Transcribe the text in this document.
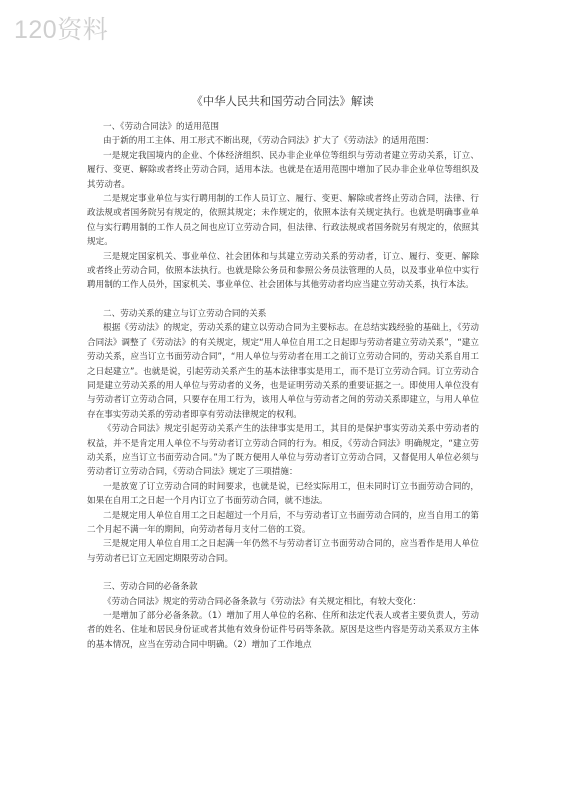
120资料
《中华人民共和国劳动合同法》解读

一、《劳动合同法》的适用范围

由于新的用工主体、用工形式不断出现，《劳动合同法》扩大了《劳动法》的适用范围：

一是规定我国境内的企业、个体经济组织、民办非企业单位等组织与劳动者建立劳动关系，订立、履行、变更、解除或者终止劳动合同，适用本法。也就是在适用范围中增加了民办非企业单位等组织及其劳动者。

二是规定事业单位与实行聘用制的工作人员订立、履行、变更、解除或者终止劳动合同，法律、行政法规或者国务院另有规定的，依照其规定；未作规定的，依照本法有关规定执行。也就是明确事业单位与实行聘用制的工作人员之间也应订立劳动合同，但法律、行政法规或者国务院另有规定的，依照其规定。

三是规定国家机关、事业单位、社会团体和与其建立劳动关系的劳动者，订立、履行、变更、解除或者终止劳动合同，依照本法执行。也就是除公务员和参照公务员法管理的人员，以及事业单位中实行聘用制的工作人员外，国家机关、事业单位、社会团体与其他劳动者均应当建立劳动关系，执行本法。

二、劳动关系的建立与订立劳动合同的关系

根据《劳动法》的规定，劳动关系的建立以劳动合同为主要标志。在总结实践经验的基础上，《劳动合同法》调整了《劳动法》的有关规定，规定“用人单位自用工之日起即与劳动者建立劳动关系”，“建立劳动关系，应当订立书面劳动合同”，“用人单位与劳动者在用工之前订立劳动合同的，劳动关系自用工之日起建立”。也就是说，引起劳动关系产生的基本法律事实是用工，而不是订立劳动合同。订立劳动合同是建立劳动关系的用人单位与劳动者的义务，也是证明劳动关系的重要证据之一。即使用人单位没有与劳动者订立劳动合同，只要存在用工行为，该用人单位与劳动者之间的劳动关系即建立，与用人单位存在事实劳动关系的劳动者即享有劳动法律规定的权利。

《劳动合同法》规定引起劳动关系产生的法律事实是用工，其目的是保护事实劳动关系中劳动者的权益，并不是肯定用人单位不与劳动者订立劳动合同的行为。相反，《劳动合同法》明确规定，“建立劳动关系，应当订立书面劳动合同。”为了既方便用人单位与劳动者订立劳动合同，又督促用人单位必须与劳动者订立劳动合同，《劳动合同法》规定了三项措施：

一是放宽了订立劳动合同的时间要求，也就是说，已经实际用工，但未同时订立书面劳动合同的，如果在自用工之日起一个月内订立了书面劳动合同，就不违法。

二是规定用人单位自用工之日起超过一个月后，不与劳动者订立书面劳动合同的，应当自用工的第二个月起不满一年的期间，向劳动者每月支付二倍的工资。

三是规定用人单位自用工之日起满一年仍然不与劳动者订立书面劳动合同的，应当看作是用人单位与劳动者已订立无固定期限劳动合同。

三、劳动合同的必备条款

《劳动合同法》规定的劳动合同必备条款与《劳动法》有关规定相比，有较大变化：

一是增加了部分必备条款。（1）增加了用人单位的名称、住所和法定代表人或者主要负责人，劳动者的姓名、住址和居民身份证或者其他有效身份证件号码等条款。原因是这些内容是劳动关系双方主体的基本情况，应当在劳动合同中明确。（2）增加了工作地点
